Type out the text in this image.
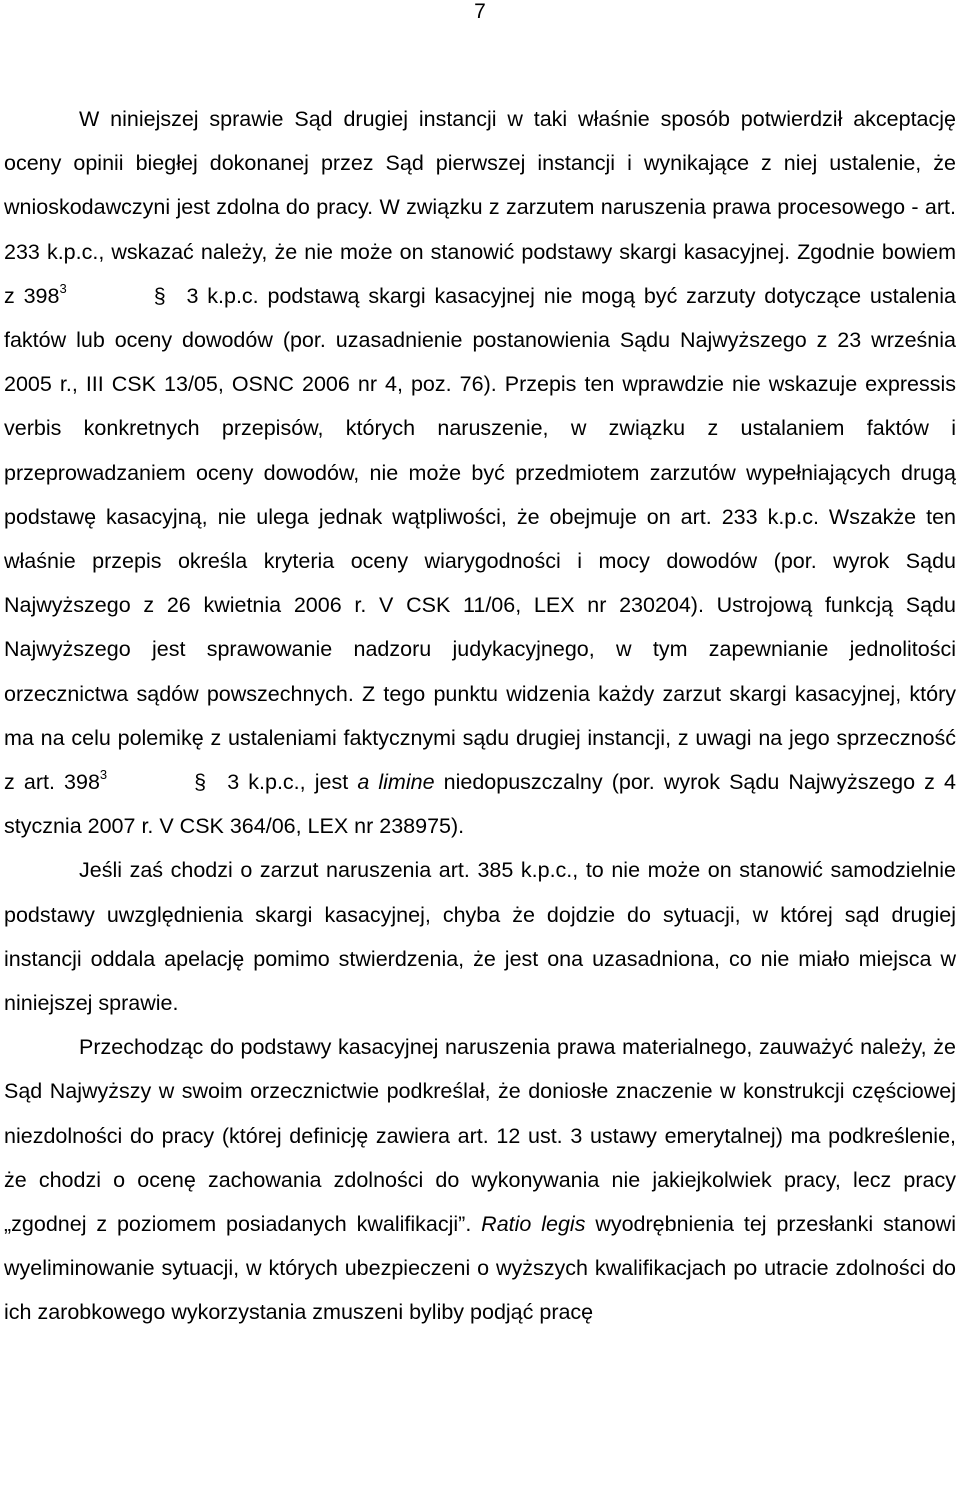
7

W niniejszej sprawie Sąd drugiej instancji w taki właśnie sposób potwierdził akceptację oceny opinii biegłej dokonanej przez Sąd pierwszej instancji i wynikające z niej ustalenie, że wnioskodawczyni jest zdolna do pracy. W związku z zarzutem naruszenia prawa procesowego - art. 233 k.p.c., wskazać należy, że nie może on stanowić podstawy skargi kasacyjnej. Zgodnie bowiem z $398^3$	§ 3 k.p.c. podstawą skargi kasacyjnej nie mogą być zarzuty dotyczące ustalenia faktów lub oceny dowodów (por. uzasadnienie postanowienia Sądu Najwyższego z 23 września 2005 r., III CSK 13/05, OSNC 2006 nr 4, poz. 76). Przepis ten wprawdzie nie wskazuje expressis verbis konkretnych przepisów, których naruszenie, w związku z ustalaniem faktów i przeprowadzaniem oceny dowodów, nie może być przedmiotem zarzutów wypełniających drugą podstawę kasacyjną, nie ulega jednak wątpliwości, że obejmuje on art. 233 k.p.c. Wszakże ten właśnie przepis określa kryteria oceny wiarygodności i mocy dowodów (por. wyrok Sądu Najwyższego z 26 kwietnia 2006 r. V CSK 11/06, LEX nr 230204). Ustrojową funkcją Sądu Najwyższego jest sprawowanie nadzoru judykacyjnego, w tym zapewnianie jednolitości orzecznictwa sądów powszechnych. Z tego punktu widzenia każdy zarzut skargi kasacyjnej, który ma na celu polemikę z ustaleniami faktycznymi sądu drugiej instancji, z uwagi na jego sprzeczność z art. $398^3$	§ 3 k.p.c., jest a limine niedopuszczalny (por. wyrok Sądu Najwyższego z 4 stycznia 2007 r. V CSK 364/06, LEX nr 238975).

Jeśli zaś chodzi o zarzut naruszenia art. 385 k.p.c., to nie może on stanowić samodzielnie podstawy uwzględnienia skargi kasacyjnej, chyba że dojdzie do sytuacji, w której sąd drugiej instancji oddala apelację pomimo stwierdzenia, że jest ona uzasadniona, co nie miało miejsca w niniejszej sprawie.

Przechodząc do podstawy kasacyjnej naruszenia prawa materialnego, zauważyć należy, że Sąd Najwyższy w swoim orzecznictwie podkreślał, że doniosłe znaczenie w konstrukcji częściowej niezdolności do pracy (której definicję zawiera art. 12 ust. 3 ustawy emerytalnej) ma podkreślenie, że chodzi o ocenę zachowania zdolności do wykonywania nie jakiejkolwiek pracy, lecz pracy „zgodnej z poziomem posiadanych kwalifikacji”. Ratio legis wyodrębnienia tej przesłanki stanowi wyeliminowanie sytuacji, w których ubezpieczeni o wyższych kwalifikacjach po utracie zdolności do ich zarobkowego wykorzystania zmuszeni byliby podjąć pracę
